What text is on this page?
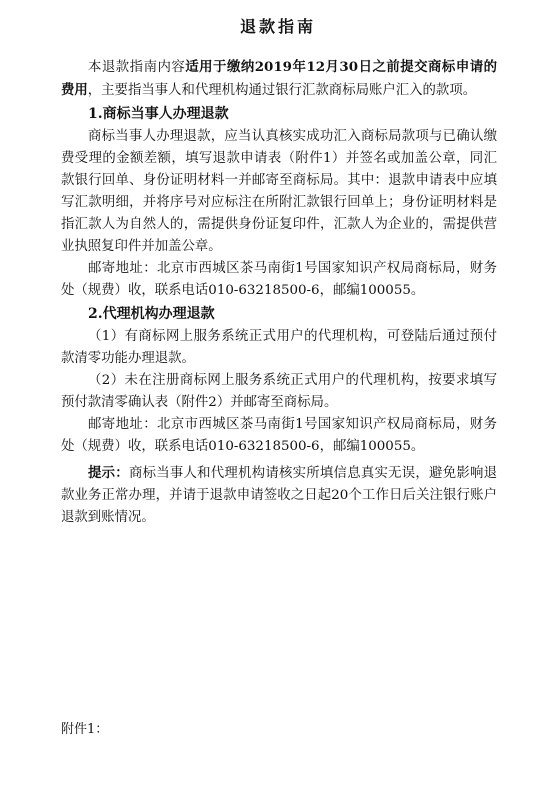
退款指南

本退款指南内容适用于缴纳2019年12月30日之前提交商标申请的费用，主要指当事人和代理机构通过银行汇款商标局账户汇入的款项。

1.商标当事人办理退款

商标当事人办理退款，应当认真核实成功汇入商标局款项与已确认缴费受理的金额差额，填写退款申请表（附件1）并签名或加盖公章，同汇款银行回单、身份证明材料一并邮寄至商标局。其中：退款申请表中应填写汇款明细，并将序号对应标注在所附汇款银行回单上；身份证明材料是指汇款人为自然人的，需提供身份证复印件，汇款人为企业的，需提供营业执照复印件并加盖公章。

邮寄地址：北京市西城区茶马南街1号国家知识产权局商标局，财务处（规费）收，联系电话010-63218500-6，邮编100055。

2.代理机构办理退款

（1）有商标网上服务系统正式用户的代理机构，可登陆后通过预付款清零功能办理退款。

（2）未在注册商标网上服务系统正式用户的代理机构，按要求填写预付款清零确认表（附件2）并邮寄至商标局。

邮寄地址：北京市西城区茶马南街1号国家知识产权局商标局，财务处（规费）收，联系电话010-63218500-6，邮编100055。

提示：商标当事人和代理机构请核实所填信息真实无误，避免影响退款业务正常办理，并请于退款申请签收之日起20个工作日后关注银行账户退款到账情况。

附件1：
